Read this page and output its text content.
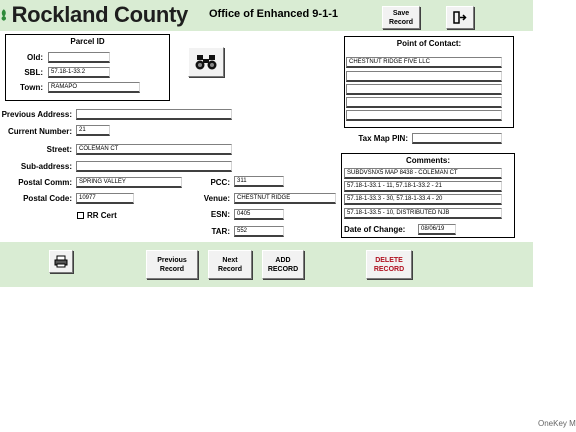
Rockland County Office of Enhanced 9-1-1	Save
Record
Parcel ID
Old:
SBL:	57.18-1-33.2
Town:	RAMAPO
Point of Contact:
CHESTNUT RIDGE FIVE LLC
Tax Map PIN:
Previous Address:
Current Number:	21
Street:	COLEMAN CT
Sub-address:
Postal Comm:	SPRING VALLEY
Postal Code:	10977
RR Cert
PCC:	311
Venue:	CHESTNUT RIDGE
ESN:	0405
TAR:	552
Comments:
SUBDVSNX5 MAP 8438 - COLEMAN CT
57.18-1-33.1 - 11, 57.18-1-33.2 - 21
57.18-1-33.3 - 30, 57.18-1-33.4 - 20
57.18-1-33.5 - 10, DISTRIBUTED NJB
Date of Change:	08/06/19
Previous
Record
Next
Record
ADD
RECORD
DELETE
RECORD
OneKey M
